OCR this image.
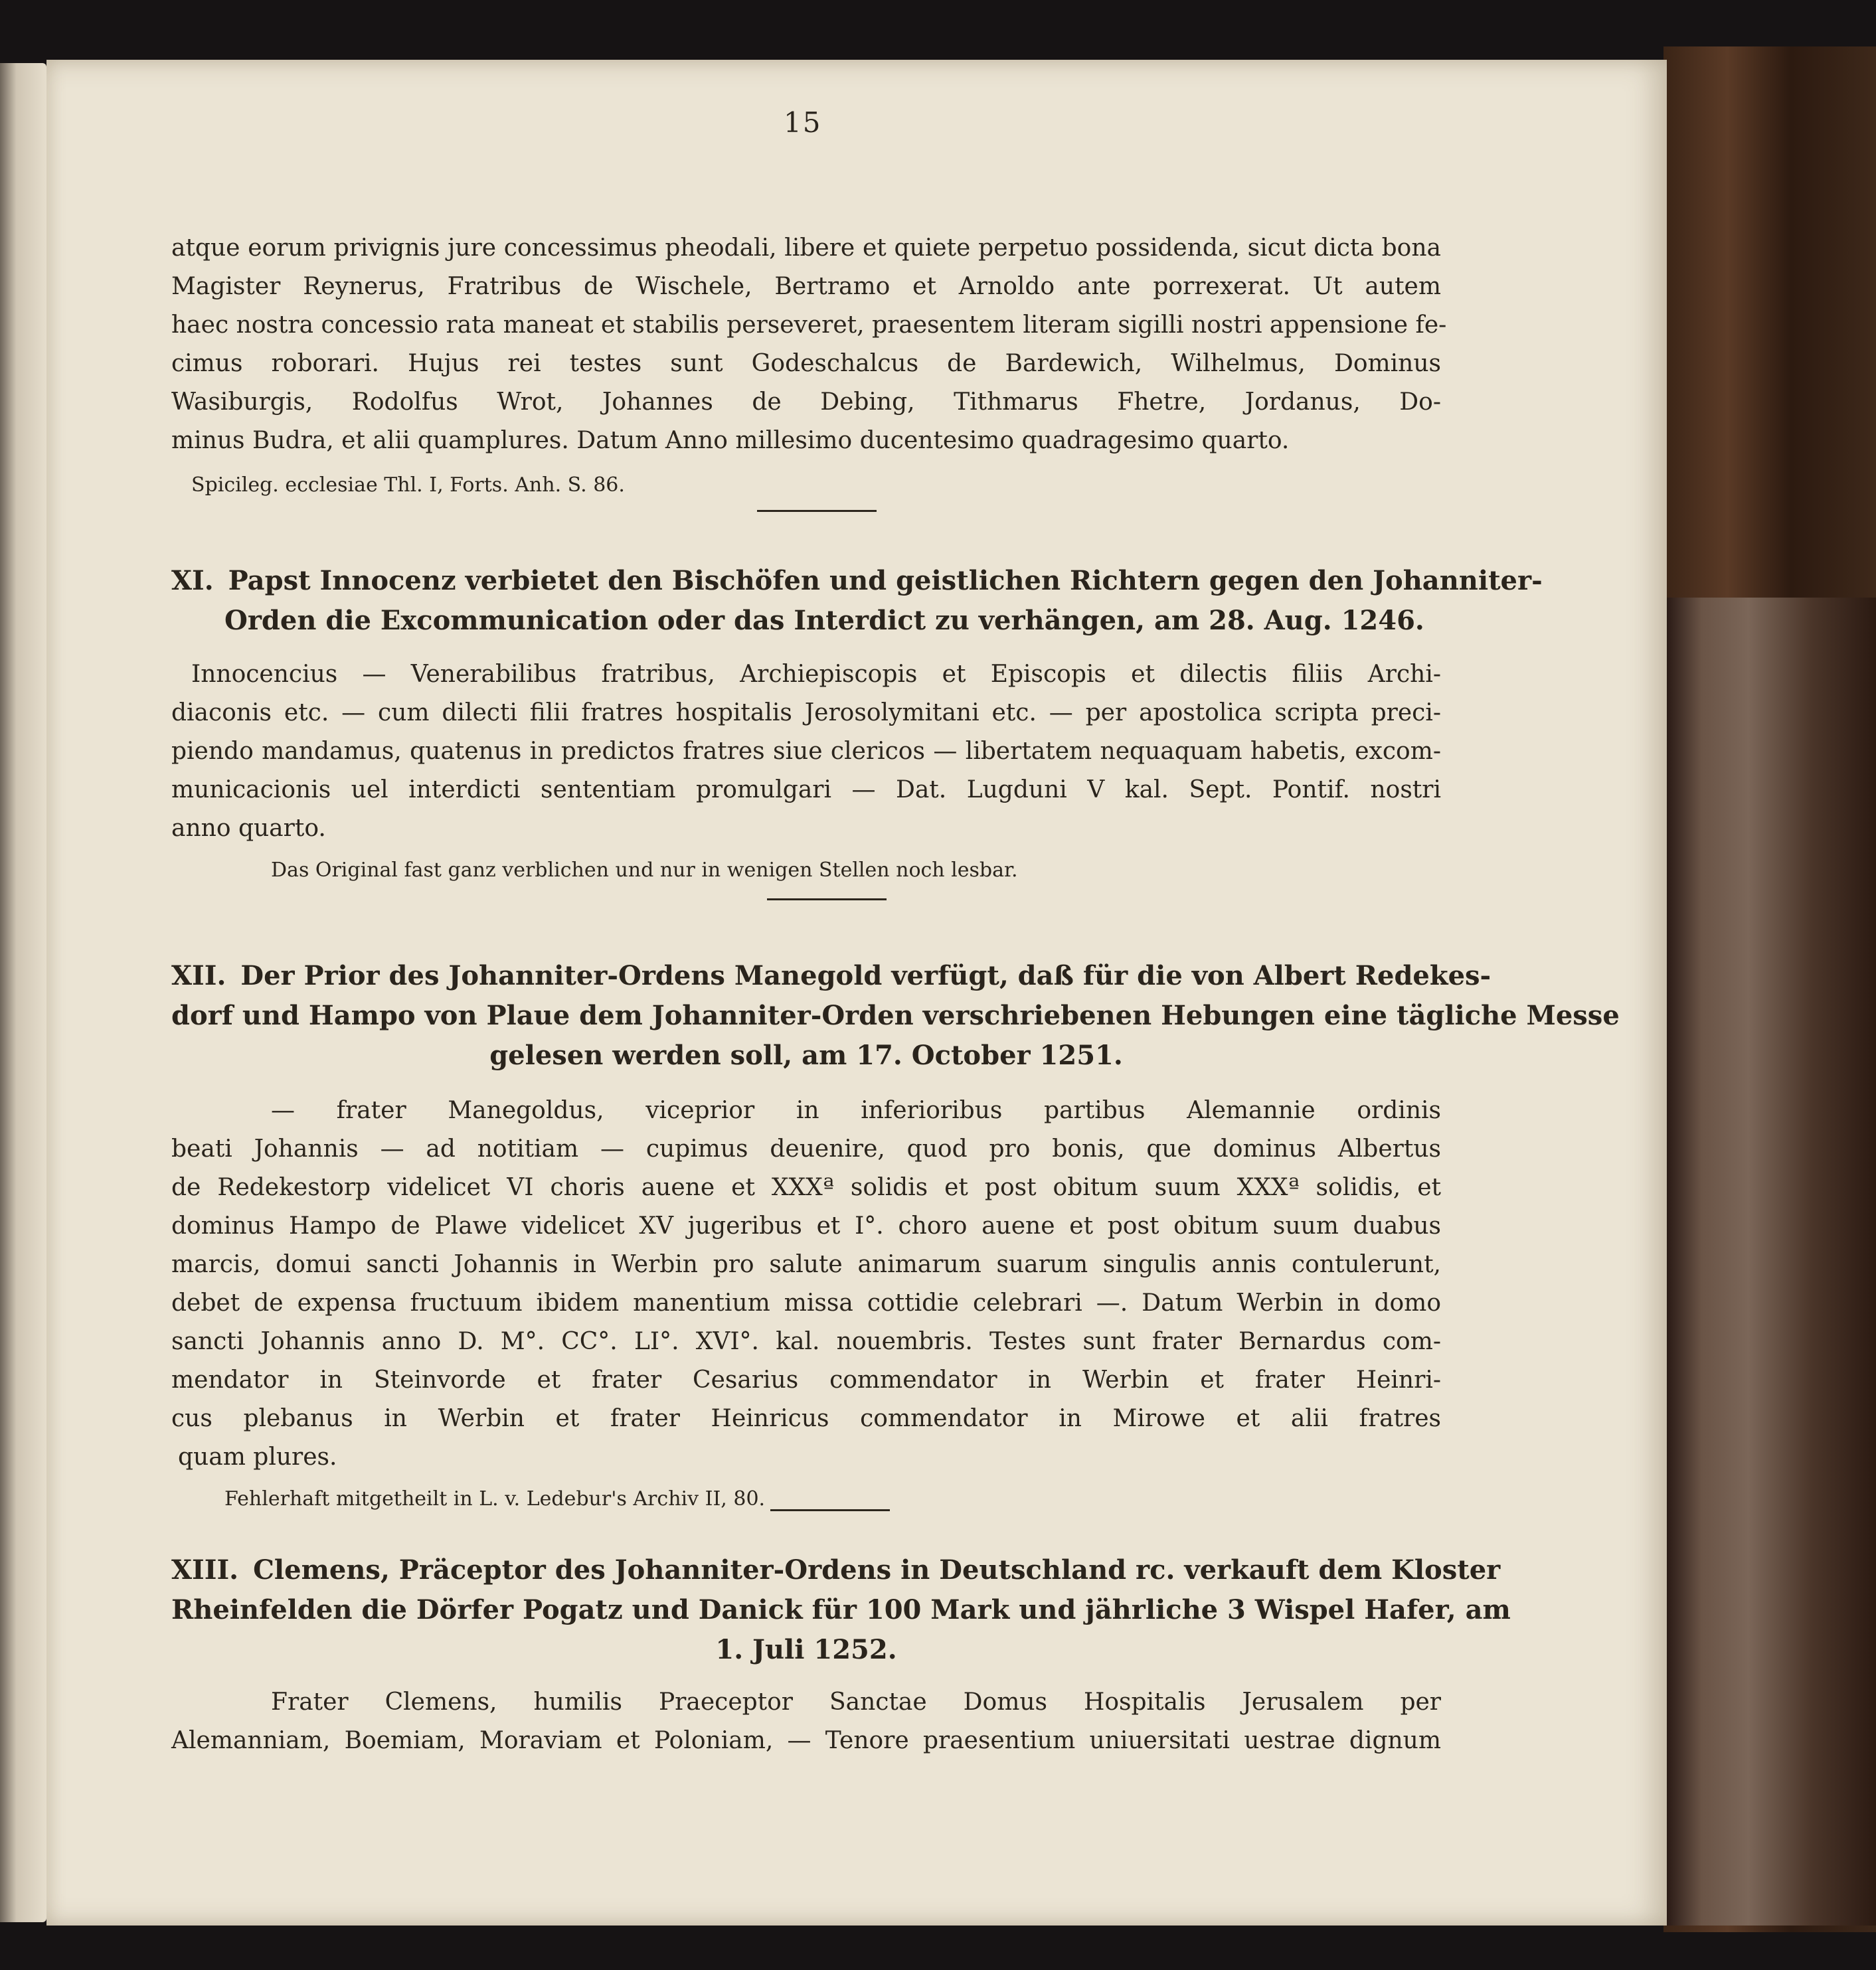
15
atque eorum privignis jure concessimus pheodali, libere et quiete perpetuo possidenda, sicut dicta bona
Magister Reynerus, Fratribus de Wischele, Bertramo et Arnoldo ante porrexerat. Ut autem
haec nostra concessio rata maneat et stabilis perseveret, praesentem literam sigilli nostri appensione fe-
cimus roborari. Hujus rei testes sunt Godeschalcus de Bardewich, Wilhelmus, Dominus
Wasiburgis, Rodolfus Wrot, Johannes de Debing, Tithmarus Fhetre, Jordanus, Do-
minus Budra, et alii quamplures. Datum Anno millesimo ducentesimo quadragesimo quarto.
Spicileg. ecclesiae Thl. I, Forts. Anh. S. 86.
XI. Papst Innocenz verbietet den Bischöfen und geistlichen Richtern gegen den Johanniter-
Orden die Excommunication oder das Interdict zu verhängen, am 28. Aug. 1246.
Innocencius — Venerabilibus fratribus, Archiepiscopis et Episcopis et dilectis filiis Archi-
diaconis etc. — cum dilecti filii fratres hospitalis Jerosolymitani etc. — per apostolica scripta preci-
piendo mandamus, quatenus in predictos fratres siue clericos — libertatem nequaquam habetis, excom-
municacionis uel interdicti sententiam promulgari — Dat. Lugduni V kal. Sept. Pontif. nostri
anno quarto.
Das Original fast ganz verblichen und nur in wenigen Stellen noch lesbar.
XII. Der Prior des Johanniter-Ordens Manegold verfügt, daß für die von Albert Redekes-
dorf und Hampo von Plaue dem Johanniter-Orden verschriebenen Hebungen eine tägliche Messe
gelesen werden soll, am 17. October 1251.
— frater Manegoldus, viceprior in inferioribus partibus Alemannie ordinis
beati Johannis — ad notitiam — cupimus deuenire, quod pro bonis, que dominus Albertus
de Redekestorp videlicet VI choris auene et XXXª solidis et post obitum suum XXXª solidis, et
dominus Hampo de Plawe videlicet XV jugeribus et I°. choro auene et post obitum suum duabus
marcis, domui sancti Johannis in Werbin pro salute animarum suarum singulis annis contulerunt,
debet de expensa fructuum ibidem manentium missa cottidie celebrari —. Datum Werbin in domo
sancti Johannis anno D. M°. CC°. LI°. XVI°. kal. nouembris. Testes sunt frater Bernardus com-
mendator in Steinvorde et frater Cesarius commendator in Werbin et frater Heinri-
cus plebanus in Werbin et frater Heinricus commendator in Mirowe et alii fratres
quam plures.
Fehlerhaft mitgetheilt in L. v. Ledebur's Archiv II, 80.
XIII. Clemens, Präceptor des Johanniter-Ordens in Deutschland rc. verkauft dem Kloster
Rheinfelden die Dörfer Pogatz und Danick für 100 Mark und jährliche 3 Wispel Hafer, am
1. Juli 1252.
Frater Clemens, humilis Praeceptor Sanctae Domus Hospitalis Jerusalem per
Alemanniam, Boemiam, Moraviam et Poloniam, — Tenore praesentium uniuersitati uestrae dignum
